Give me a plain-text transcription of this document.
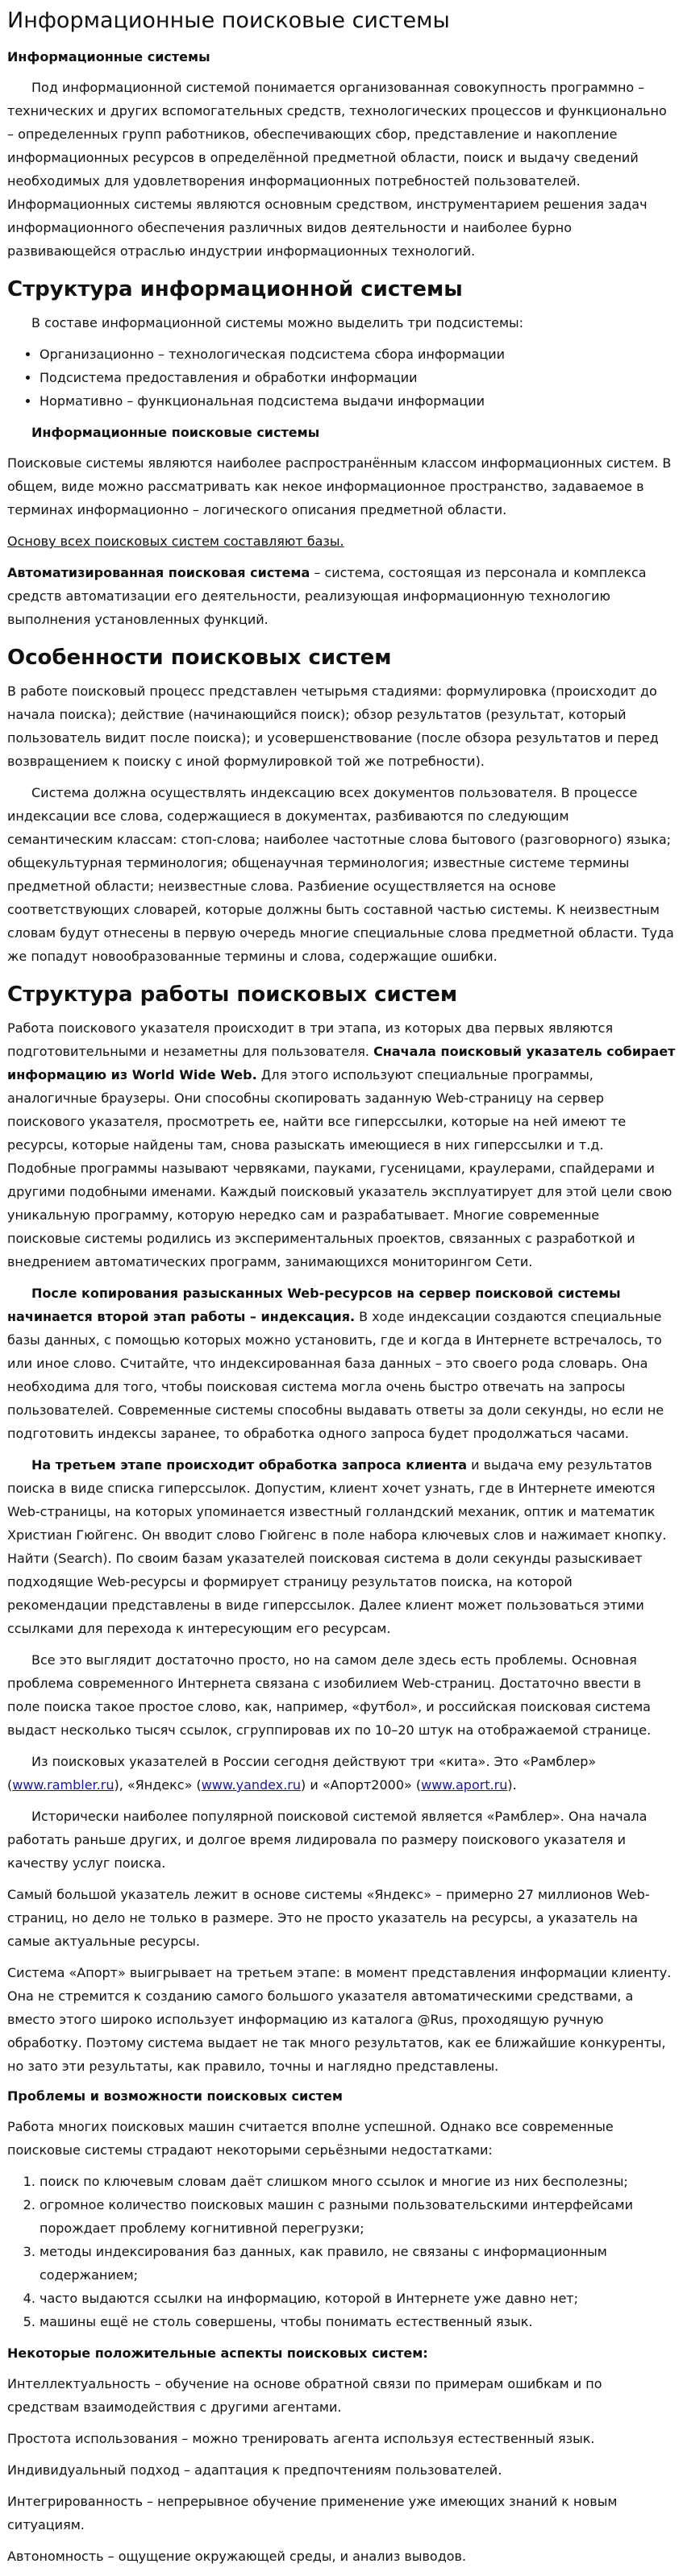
Информационные поисковые системы
Информационные системы

Под информационной системой понимается организованная совокупность программно – технических и других вспомогательных средств, технологических процессов и функционально – определенных групп работников, обеспечивающих сбор, представление и накопление информационных ресурсов в определённой предметной области, поиск и выдачу сведений необходимых для удовлетворения информационных потребностей пользователей. Информационных системы являются основным средством, инструментарием решения задач информационного обеспечения различных видов деятельности и наиболее бурно развивающейся отраслью индустрии информационных технологий.

Структура информационной системы

В составе информационной системы можно выделить три подсистемы:

• Организационно – технологическая подсистема сбора информации
• Подсистема предоставления и обработки информации
• Нормативно – функциональная подсистема выдачи информации
Информационные поисковые системы

Поисковые системы являются наиболее распространённым классом информационных систем. В общем, виде можно рассматривать как некое информационное пространство, задаваемое в терминах информационно – логического описания предметной области.

Основу всех поисковых систем составляют базы.

Автоматизированная поисковая система – система, состоящая из персонала и комплекса средств автоматизации его деятельности, реализующая информационную технологию выполнения установленных функций.

Особенности поисковых систем

В работе поисковый процесс представлен четырьмя стадиями: формулировка (происходит до начала поиска); действие (начинающийся поиск); обзор результатов (результат, который пользователь видит после поиска); и усовершенствование (после обзора результатов и перед возвращением к поиску с иной формулировкой той же потребности).

Система должна осуществлять индексацию всех документов пользователя. В процессе индексации все слова, содержащиеся в документах, разбиваются по следующим семантическим классам: стоп-слова; наиболее частотные слова бытового (разговорного) языка; общекультурная терминология; общенаучная терминология; известные системе термины предметной области; неизвестные слова. Разбиение осуществляется на основе соответствующих словарей, которые должны быть составной частью системы. К неизвестным словам будут отнесены в первую очередь многие специальные слова предметной области. Туда же попадут новообразованные термины и слова, содержащие ошибки.

Структура работы поисковых систем

Работа поискового указателя происходит в три этапа, из которых два первых являются подготовительными и незаметны для пользователя. Сначала поисковый указатель собирает информацию из World Wide Web. Для этого используют специальные программы, аналогичные браузеры. Они способны скопировать заданную Web-страницу на сервер поискового указателя, просмотреть ее, найти все гиперссылки, которые на ней имеют те ресурсы, которые найдены там, снова разыскать имеющиеся в них гиперссылки и т.д. Подобные программы называют червяками, пауками, гусеницами, краулерами, спайдерами и другими подобными именами. Каждый поисковый указатель эксплуатирует для этой цели свою уникальную программу, которую нередко сам и разрабатывает. Многие современные поисковые системы родились из экспериментальных проектов, связанных с разработкой и внедрением автоматических программ, занимающихся мониторингом Сети.

После копирования разысканных Web-ресурсов на сервер поисковой системы начинается второй этап работы – индексация. В ходе индексации создаются специальные базы данных, с помощью которых можно установить, где и когда в Интернете встречалось, то или иное слово. Считайте, что индексированная база данных – это своего рода словарь. Она необходима для того, чтобы поисковая система могла очень быстро отвечать на запросы пользователей. Современные системы способны выдавать ответы за доли секунды, но если не подготовить индексы заранее, то обработка одного запроса будет продолжаться часами.

На третьем этапе происходит обработка запроса клиента и выдача ему результатов поиска в виде списка гиперссылок. Допустим, клиент хочет узнать, где в Интернете имеются Web-страницы, на которых упоминается известный голландский механик, оптик и математик Христиан Гюйгенс. Он вводит слово Гюйгенс в поле набора ключевых слов и нажимает кнопку. Найти (Search). По своим базам указателей поисковая система в доли секунды разыскивает подходящие Web-ресурсы и формирует страницу результатов поиска, на которой рекомендации представлены в виде гиперссылок. Далее клиент может пользоваться этими ссылками для перехода к интересующим его ресурсам.

Все это выглядит достаточно просто, но на самом деле здесь есть проблемы. Основная проблема современного Интернета связана с изобилием Web-страниц. Достаточно ввести в поле поиска такое простое слово, как, например, «футбол», и российская поисковая система выдаст несколько тысяч ссылок, сгруппировав их по 10–20 штук на отображаемой странице.

Из поисковых указателей в России сегодня действуют три «кита». Это «Рамблер» (www.rambler.ru), «Яндекс» (www.yandex.ru) и «Апорт2000» (www.aport.ru).

Исторически наиболее популярной поисковой системой является «Рамблер». Она начала работать раньше других, и долгое время лидировала по размеру поискового указателя и качеству услуг поиска.

Самый большой указатель лежит в основе системы «Яндекс» – примерно 27 миллионов Web-страниц, но дело не только в размере. Это не просто указатель на ресурсы, а указатель на самые актуальные ресурсы.

Система «Апорт» выигрывает на третьем этапе: в момент представления информации клиенту. Она не стремится к созданию самого большого указателя автоматическими средствами, а вместо этого широко использует информацию из каталога @Rus, проходящую ручную обработку. Поэтому система выдает не так много результатов, как ее ближайшие конкуренты, но зато эти результаты, как правило, точны и наглядно представлены.

Проблемы и возможности поисковых систем

Работа многих поисковых машин считается вполне успешной. Однако все современные поисковые системы страдают некоторыми серьёзными недостатками:

1. поиск по ключевым словам даёт слишком много ссылок и многие из них бесполезны;
2. огромное количество поисковых машин с разными пользовательскими интерфейсами порождает проблему когнитивной перегрузки;
3. методы индексирования баз данных, как правило, не связаны с информационным содержанием;
4. часто выдаются ссылки на информацию, которой в Интернете уже давно нет;
5. машины ещё не столь совершены, чтобы понимать естественный язык.
Некоторые положительные аспекты поисковых систем:

Интеллектуальность – обучение на основе обратной связи по примерам ошибкам и по средствам взаимодействия с другими агентами.

Простота использования – можно тренировать агента используя естественный язык.

Индивидуальный подход – адаптация к предпочтениям пользователей.

Интегрированность – непрерывное обучение применение уже имеющих знаний к новым ситуациям.

Автономность – ощущение окружающей среды, и анализ выводов.
